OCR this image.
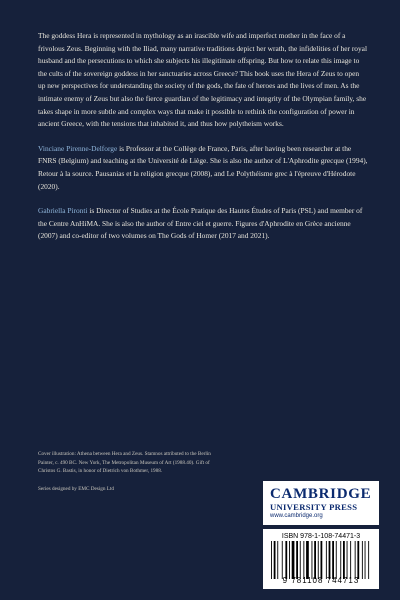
The goddess Hera is represented in mythology as an irascible wife and imperfect mother in the face of a frivolous Zeus. Beginning with the Iliad, many narrative traditions depict her wrath, the infidelities of her royal husband and the persecutions to which she subjects his illegitimate offspring. But how to relate this image to the cults of the sovereign goddess in her sanctuaries across Greece? This book uses the Hera of Zeus to open up new perspectives for understanding the society of the gods, the fate of heroes and the lives of men. As the intimate enemy of Zeus but also the fierce guardian of the legitimacy and integrity of the Olympian family, she takes shape in more subtle and complex ways that make it possible to rethink the configuration of power in ancient Greece, with the tensions that inhabited it, and thus how polytheism works.

Vinciane Pirenne-Delforge is Professor at the Collège de France, Paris, after having been researcher at the FNRS (Belgium) and teaching at the Université de Liège. She is also the author of L'Aphrodite grecque (1994), Retour à la source. Pausanias et la religion grecque (2008), and Le Polythéisme grec à l'épreuve d'Hérodote (2020).

Gabriella Pironti is Director of Studies at the École Pratique des Hautes Études of Paris (PSL) and member of the Centre AnHiMA. She is also the author of Entre ciel et guerre. Figures d'Aphrodite en Grèce ancienne (2007) and co-editor of two volumes on The Gods of Homer (2017 and 2021).

Cover illustration: Athena between Hera and Zeus. Stamnos attributed to the Berlin Painter, c. 490 BC. New York, The Metropolitan Museum of Art (1988.40). Gift of Christos G. Bastis, in honor of Dietrich von Bothmer, 1988.

Series designed by EMC Design Ltd	CAMBRIDGE
UNIVERSITY PRESS
www.cambridge.org
ISBN 978-1-108-74471-3
9 781108 744713
